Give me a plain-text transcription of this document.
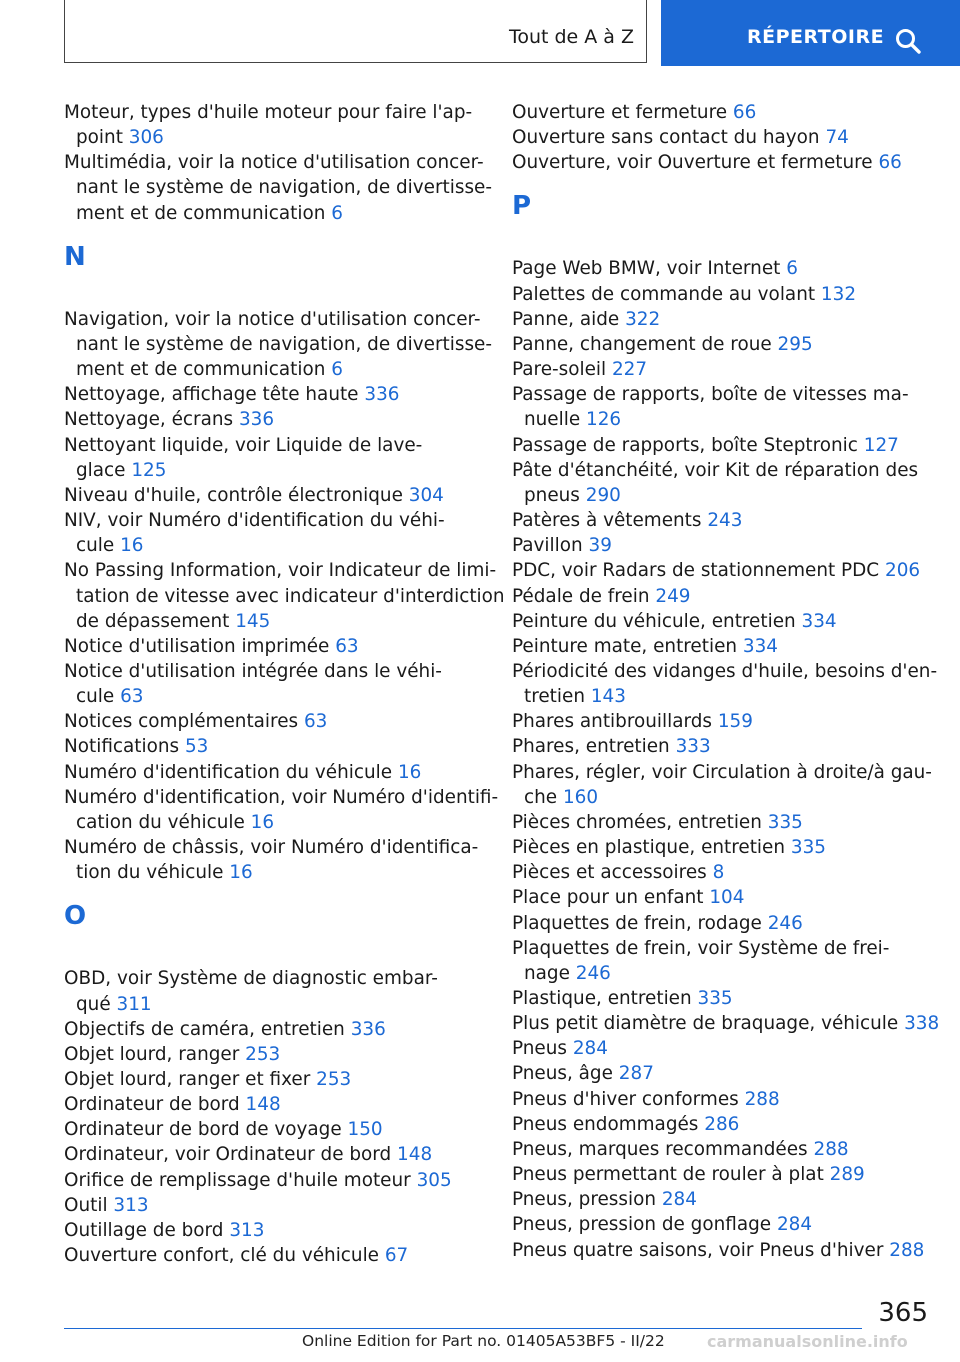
Tout de A à Z	RÉPERTOIRE
Moteur, types d'huile moteur pour faire l'ap-
point 306
Multimédia, voir la notice d'utilisation concer-
nant le système de navigation, de divertisse-
ment et de communication 6
N
Navigation, voir la notice d'utilisation concer-
nant le système de navigation, de divertisse-
ment et de communication 6
Nettoyage, affichage tête haute 336
Nettoyage, écrans 336
Nettoyant liquide, voir Liquide de lave-
glace 125
Niveau d'huile, contrôle électronique 304
NIV, voir Numéro d'identification du véhi-
cule 16
No Passing Information, voir Indicateur de limi-
tation de vitesse avec indicateur d'interdiction
de dépassement 145
Notice d'utilisation imprimée 63
Notice d'utilisation intégrée dans le véhi-
cule 63
Notices complémentaires 63
Notifications 53
Numéro d'identification du véhicule 16
Numéro d'identification, voir Numéro d'identifi-
cation du véhicule 16
Numéro de châssis, voir Numéro d'identifica-
tion du véhicule 16
O
OBD, voir Système de diagnostic embar-
qué 311
Objectifs de caméra, entretien 336
Objet lourd, ranger 253
Objet lourd, ranger et fixer 253
Ordinateur de bord 148
Ordinateur de bord de voyage 150
Ordinateur, voir Ordinateur de bord 148
Orifice de remplissage d'huile moteur 305
Outil 313
Outillage de bord 313
Ouverture confort, clé du véhicule 67
Ouverture et fermeture 66
Ouverture sans contact du hayon 74
Ouverture, voir Ouverture et fermeture 66
P
Page Web BMW, voir Internet 6
Palettes de commande au volant 132
Panne, aide 322
Panne, changement de roue 295
Pare-soleil 227
Passage de rapports, boîte de vitesses ma-
nuelle 126
Passage de rapports, boîte Steptronic 127
Pâte d'étanchéité, voir Kit de réparation des
pneus 290
Patères à vêtements 243
Pavillon 39
PDC, voir Radars de stationnement PDC 206
Pédale de frein 249
Peinture du véhicule, entretien 334
Peinture mate, entretien 334
Périodicité des vidanges d'huile, besoins d'en-
tretien 143
Phares antibrouillards 159
Phares, entretien 333
Phares, régler, voir Circulation à droite/à gau-
che 160
Pièces chromées, entretien 335
Pièces en plastique, entretien 335
Pièces et accessoires 8
Place pour un enfant 104
Plaquettes de frein, rodage 246
Plaquettes de frein, voir Système de frei-
nage 246
Plastique, entretien 335
Plus petit diamètre de braquage, véhicule 338
Pneus 284
Pneus, âge 287
Pneus d'hiver conformes 288
Pneus endommagés 286
Pneus, marques recommandées 288
Pneus permettant de rouler à plat 289
Pneus, pression 284
Pneus, pression de gonflage 284
Pneus quatre saisons, voir Pneus d'hiver 288
365
Online Edition for Part no. 01405A53BF5 - II/22	carmanualsonline.info
